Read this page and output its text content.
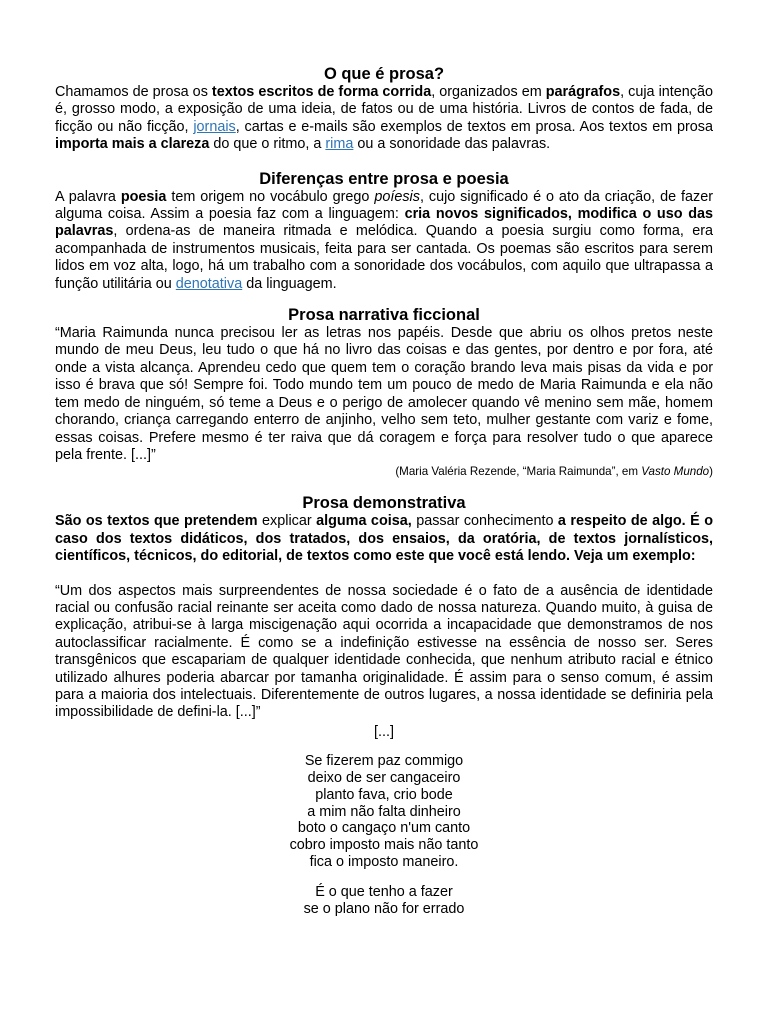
O que é prosa?

Chamamos de prosa os textos escritos de forma corrida, organizados em parágrafos, cuja intenção é, grosso modo, a exposição de uma ideia, de fatos ou de uma história. Livros de contos de fada, de ficção ou não ficção, jornais, cartas e e-mails são exemplos de textos em prosa. Aos textos em prosa importa mais a clareza do que o ritmo, a rima ou a sonoridade das palavras.

Diferenças entre prosa e poesia

A palavra poesia tem origem no vocábulo grego poíesis, cujo significado é o ato da criação, de fazer alguma coisa. Assim a poesia faz com a linguagem: cria novos significados, modifica o uso das palavras, ordena-as de maneira ritmada e melódica. Quando a poesia surgiu como forma, era acompanhada de instrumentos musicais, feita para ser cantada. Os poemas são escritos para serem lidos em voz alta, logo, há um trabalho com a sonoridade dos vocábulos, com aquilo que ultrapassa a função utilitária ou denotativa da linguagem.

Prosa narrativa ficcional

“Maria Raimunda nunca precisou ler as letras nos papéis. Desde que abriu os olhos pretos neste mundo de meu Deus, leu tudo o que há no livro das coisas e das gentes, por dentro e por fora, até onde a vista alcança. Aprendeu cedo que quem tem o coração brando leva mais pisas da vida e por isso é brava que só! Sempre foi. Todo mundo tem um pouco de medo de Maria Raimunda e ela não tem medo de ninguém, só teme a Deus e o perigo de amolecer quando vê menino sem mãe, homem chorando, criança carregando enterro de anjinho, velho sem teto, mulher gestante com variz e fome, essas coisas. Prefere mesmo é ter raiva que dá coragem e força para resolver tudo o que aparece pela frente. [...]”

(Maria Valéria Rezende, “Maria Raimunda”, em Vasto Mundo)

Prosa demonstrativa

São os textos que pretendem explicar alguma coisa, passar conhecimento a respeito de algo. É o caso dos textos didáticos, dos tratados, dos ensaios, da oratória, de textos jornalísticos, científicos, técnicos, do editorial, de textos como este que você está lendo. Veja um exemplo:

“Um dos aspectos mais surpreendentes de nossa sociedade é o fato de a ausência de identidade racial ou confusão racial reinante ser aceita como dado de nossa natureza. Quando muito, à guisa de explicação, atribui-se à larga miscigenação aqui ocorrida a incapacidade que demonstramos de nos autoclassificar racialmente. É como se a indefinição estivesse na essência de nosso ser. Seres transgênicos que escapariam de qualquer identidade conhecida, que nenhum atributo racial e étnico utilizado alhures poderia abarcar por tamanha originalidade. É assim para o senso comum, é assim para a maioria dos intelectuais. Diferentemente de outros lugares, a nossa identidade se definiria pela impossibilidade de defini-la. [...]”

[...]

Se fizerem paz commigo

deixo de ser cangaceiro

planto fava, crio bode

a mim não falta dinheiro

boto o cangaço n'um canto

cobro imposto mais não tanto

fica o imposto maneiro.

É o que tenho a fazer

se o plano não for errado
